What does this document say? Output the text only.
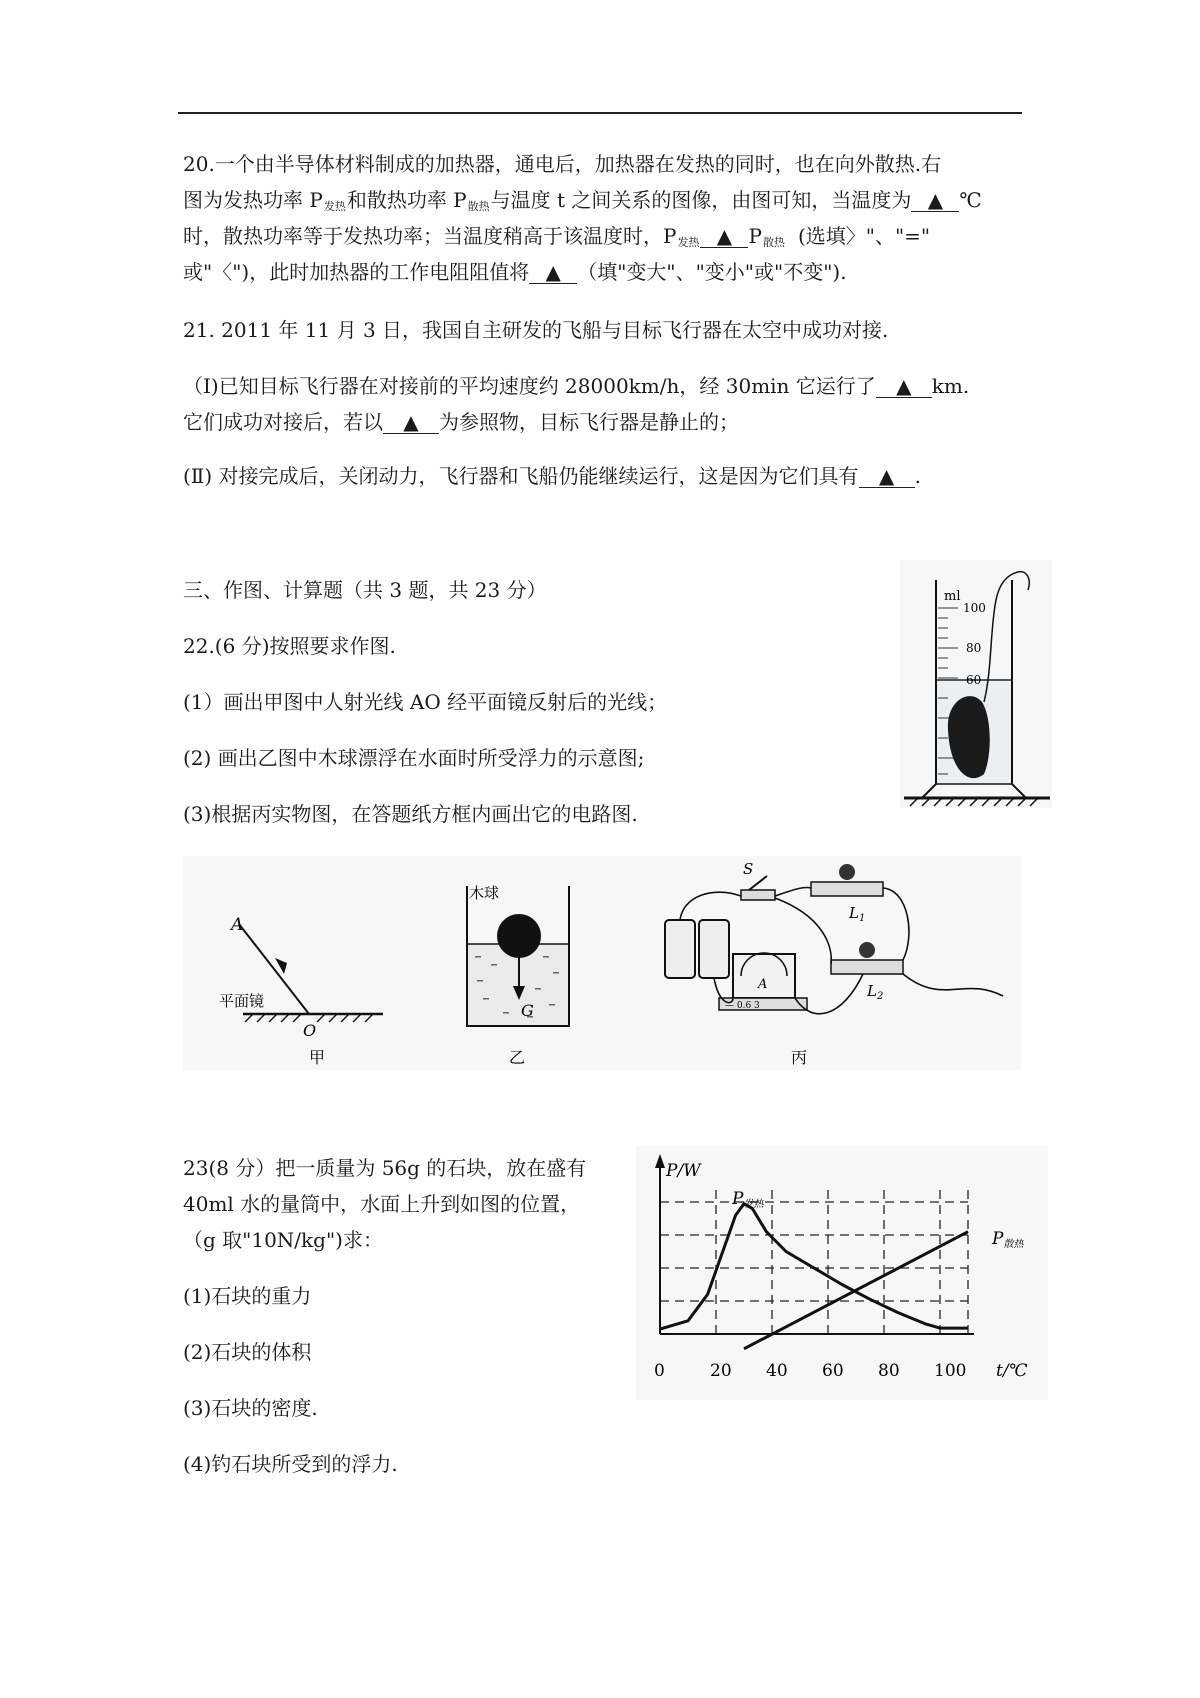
20.一个由半导体材料制成的加热器，通电后，加热器在发热的同时，也在向外散热.右
图为发热功率 P发热和散热功率 P散热与温度 t 之间关系的图像，由图可知，当温度为 ▲ ℃
时，散热功率等于发热功率；当温度稍高于该温度时，P发热 ▲ P散热 (选填〉"、"="
或"〈")，此时加热器的工作电阻阻值将 ▲ （填"变大"、"变小"或"不变").
21. 2011 年 11 月 3 日，我国自主研发的飞船与目标飞行器在太空中成功对接.
（Ⅰ)已知目标飞行器在对接前的平均速度约 28000km/h，经 30min 它运行了 ▲ km.
它们成功对接后，若以 ▲ 为参照物，目标飞行器是静止的；
(Ⅱ) 对接完成后，关闭动力，飞行器和飞船仍能继续运行，这是因为它们具有 ▲ .
三、作图、计算题（共 3 题，共 23 分）
22.(6 分)按照要求作图.
(1）画出甲图中人射光线 AO 经平面镜反射后的光线；
(2) 画出乙图中木球漂浮在水面时所受浮力的示意图;
(3)根据丙实物图，在答题纸方框内画出它的电路图.
ml
100
80
60
A
平面镜
O
甲
木球
G
乙
S
$L_1$
$L_2$
A
— 0.6 3
丙
23(8 分）把一质量为 56g 的石块，放在盛有
40ml 水的量筒中，水面上升到如图的位置，
（g 取"10N/kg")求：
(1)石块的重力
(2)石块的体积
(3)石块的密度.
(4)钓石块所受到的浮力.
P/W
t/℃
0	20 40 60 80 100
P发热
P散热
